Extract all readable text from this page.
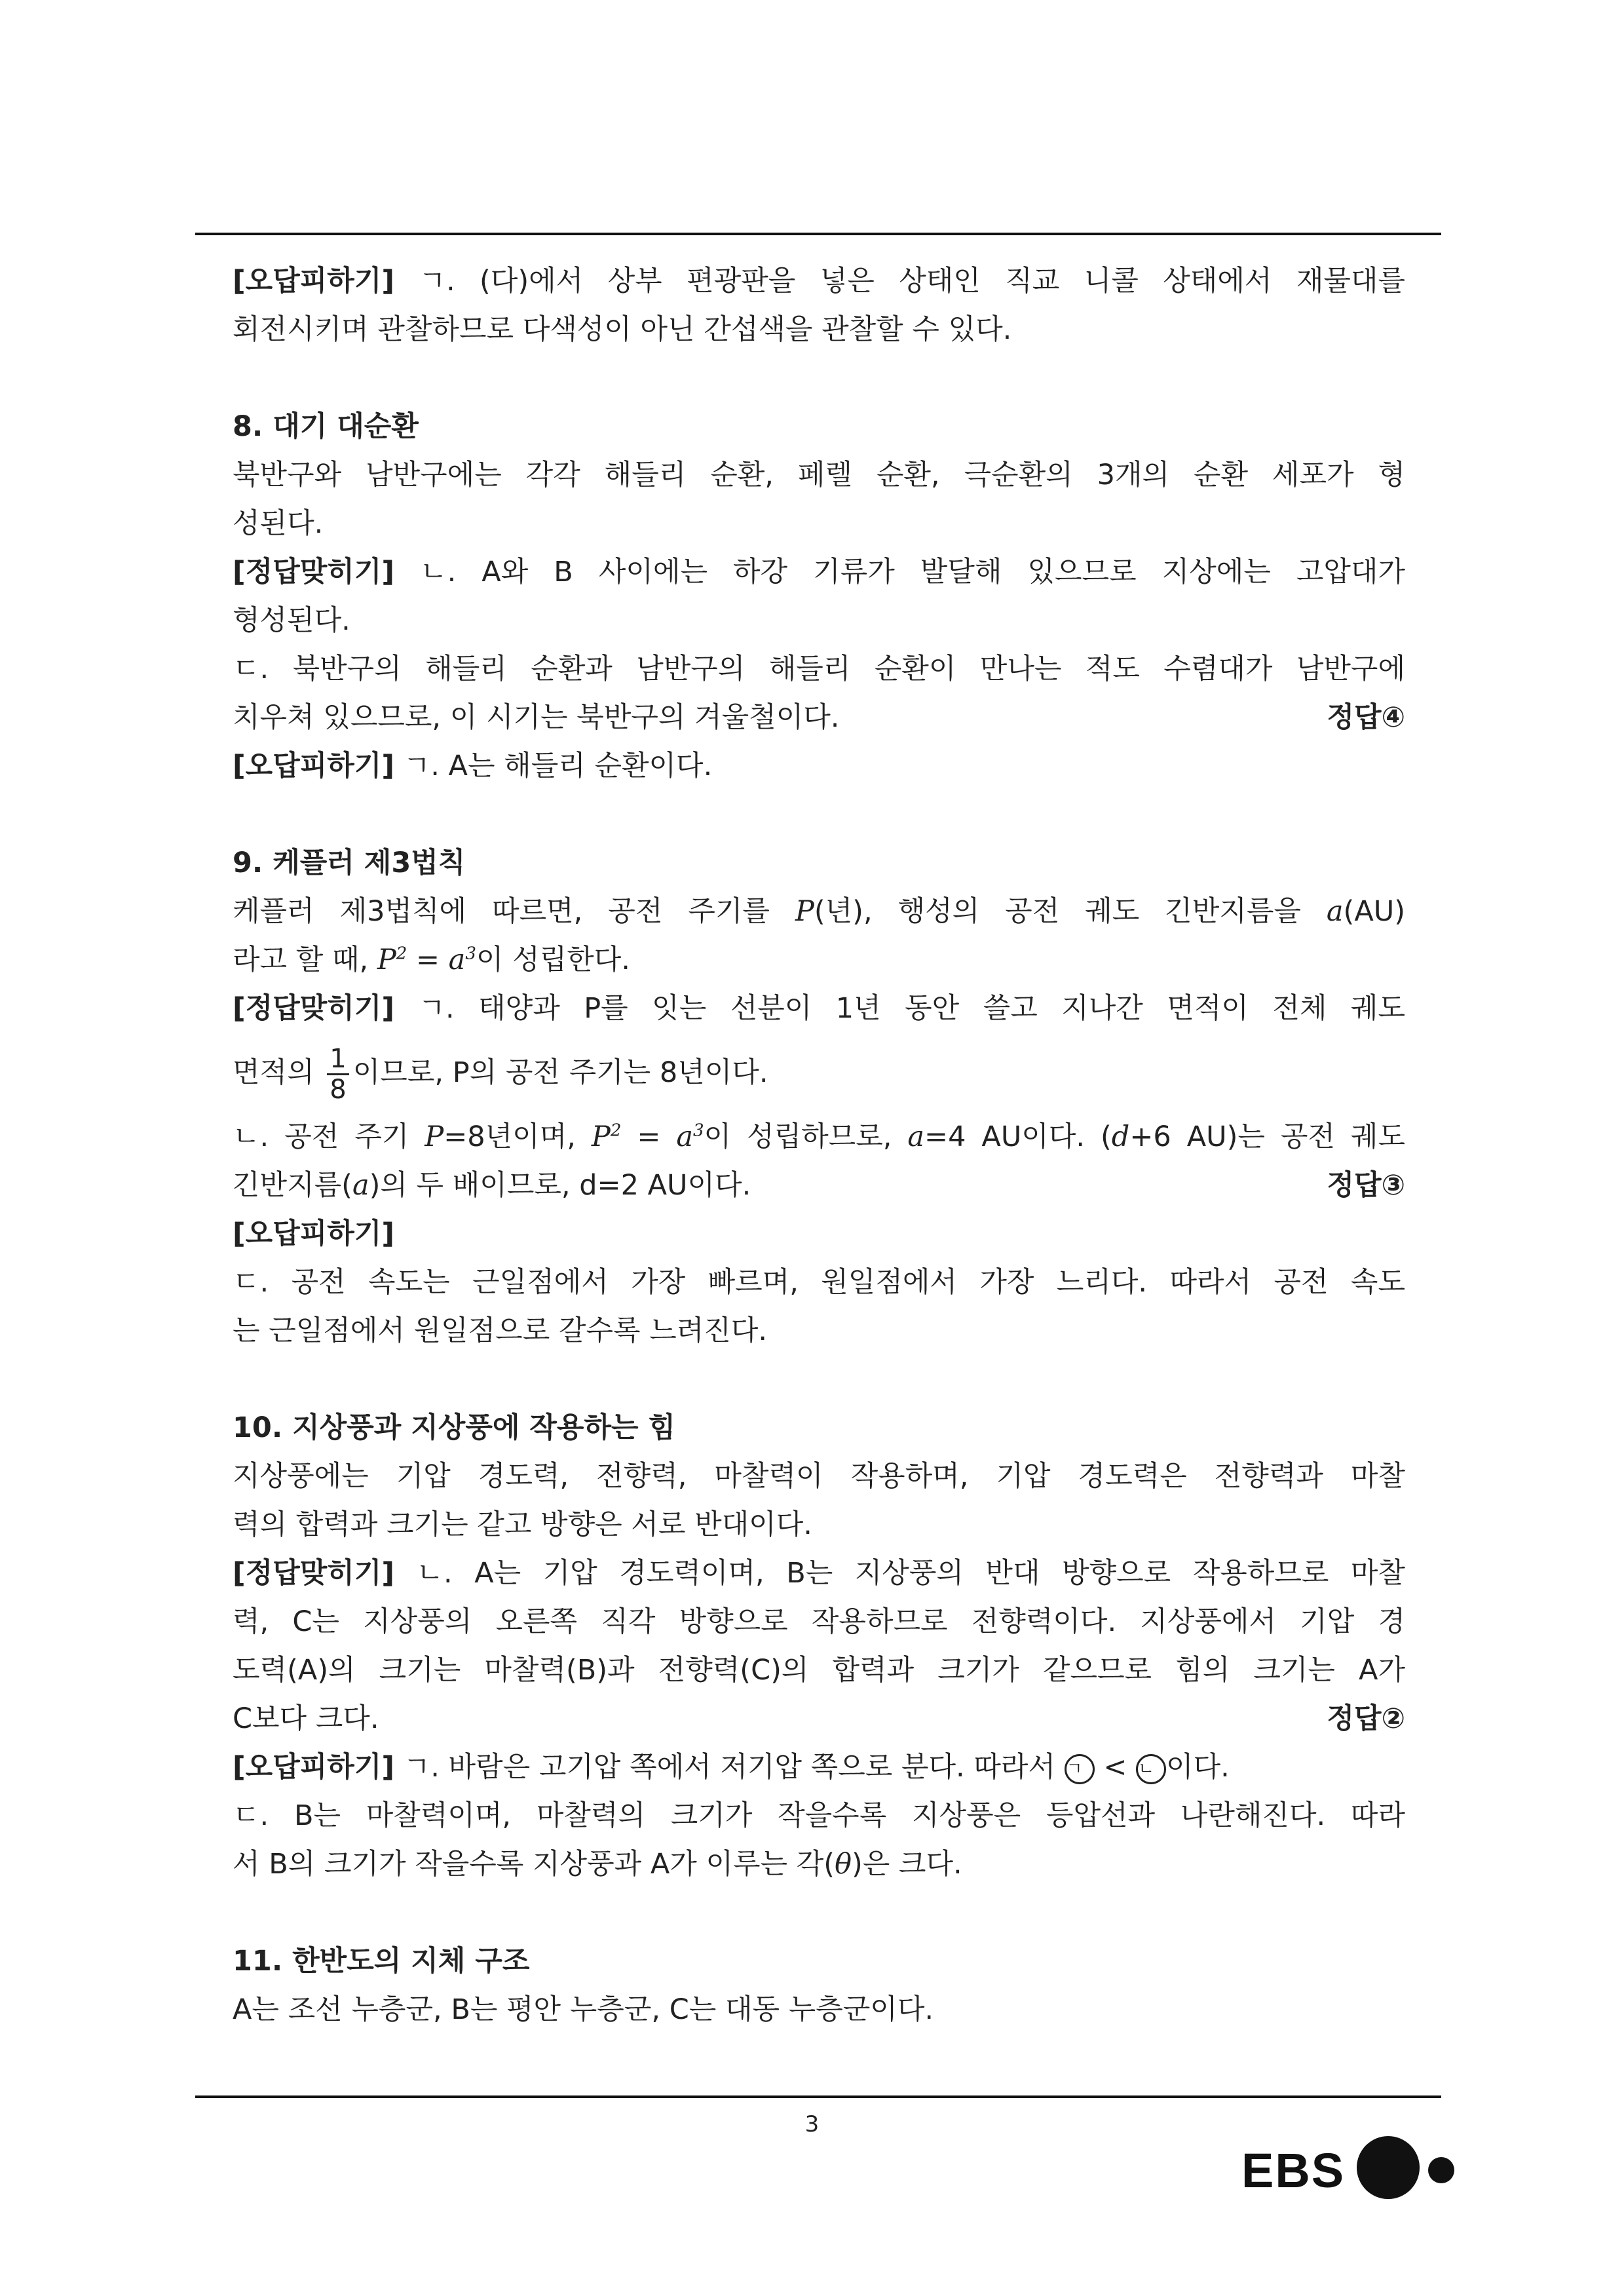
[오답피하기] ㄱ. (다)에서 상부 편광판을 넣은 상태인 직교 니콜 상태에서 재물대를
회전시키며 관찰하므로 다색성이 아닌 간섭색을 관찰할 수 있다.
8. 대기 대순환
북반구와 남반구에는 각각 해들리 순환, 페렐 순환, 극순환의 3개의 순환 세포가 형
성된다.
[정답맞히기] ㄴ. A와 B 사이에는 하강 기류가 발달해 있으므로 지상에는 고압대가
형성된다.
ㄷ. 북반구의 해들리 순환과 남반구의 해들리 순환이 만나는 적도 수렴대가 남반구에
치우쳐 있으므로, 이 시기는 북반구의 겨울철이다.	정답④
[오답피하기] ㄱ. A는 해들리 순환이다.
9. 케플러 제3법칙
케플러 제3법칙에 따르면, 공전 주기를 P(년), 행성의 공전 궤도 긴반지름을 a(AU)
라고 할 때, $P^2 = a^3$이 성립한다.
[정답맞히기] ㄱ. 태양과 P를 잇는 선분이 1년 동안 쓸고 지나간 면적이 전체 궤도
면적의 $\frac{1}{8}$ 이므로, P의 공전 주기는 8년이다.
ㄴ. 공전 주기 P=8년이며, $P^2 = a^3$이 성립하므로, a=4 AU이다. (d+6 AU)는 공전 궤도
긴반지름(a)의 두 배이므로, d=2 AU이다.	정답③
[오답피하기]
ㄷ. 공전 속도는 근일점에서 가장 빠르며, 원일점에서 가장 느리다. 따라서 공전 속도
는 근일점에서 원일점으로 갈수록 느려진다.
10. 지상풍과 지상풍에 작용하는 힘
지상풍에는 기압 경도력, 전향력, 마찰력이 작용하며, 기압 경도력은 전향력과 마찰
력의 합력과 크기는 같고 방향은 서로 반대이다.
[정답맞히기] ㄴ. A는 기압 경도력이며, B는 지상풍의 반대 방향으로 작용하므로 마찰
력, C는 지상풍의 오른쪽 직각 방향으로 작용하므로 전향력이다. 지상풍에서 기압 경
도력(A)의 크기는 마찰력(B)과 전향력(C)의 합력과 크기가 같으므로 힘의 크기는 A가
C보다 크다.	정답②
[오답피하기] ㄱ. 바람은 고기압 쪽에서 저기압 쪽으로 분다. 따라서 ㄱ < ㄴ 이다.
ㄷ. B는 마찰력이며, 마찰력의 크기가 작을수록 지상풍은 등압선과 나란해진다. 따라
서 B의 크기가 작을수록 지상풍과 A가 이루는 각(θ)은 크다.
11. 한반도의 지체 구조
A는 조선 누층군, B는 평안 누층군, C는 대동 누층군이다.
3
EBS
